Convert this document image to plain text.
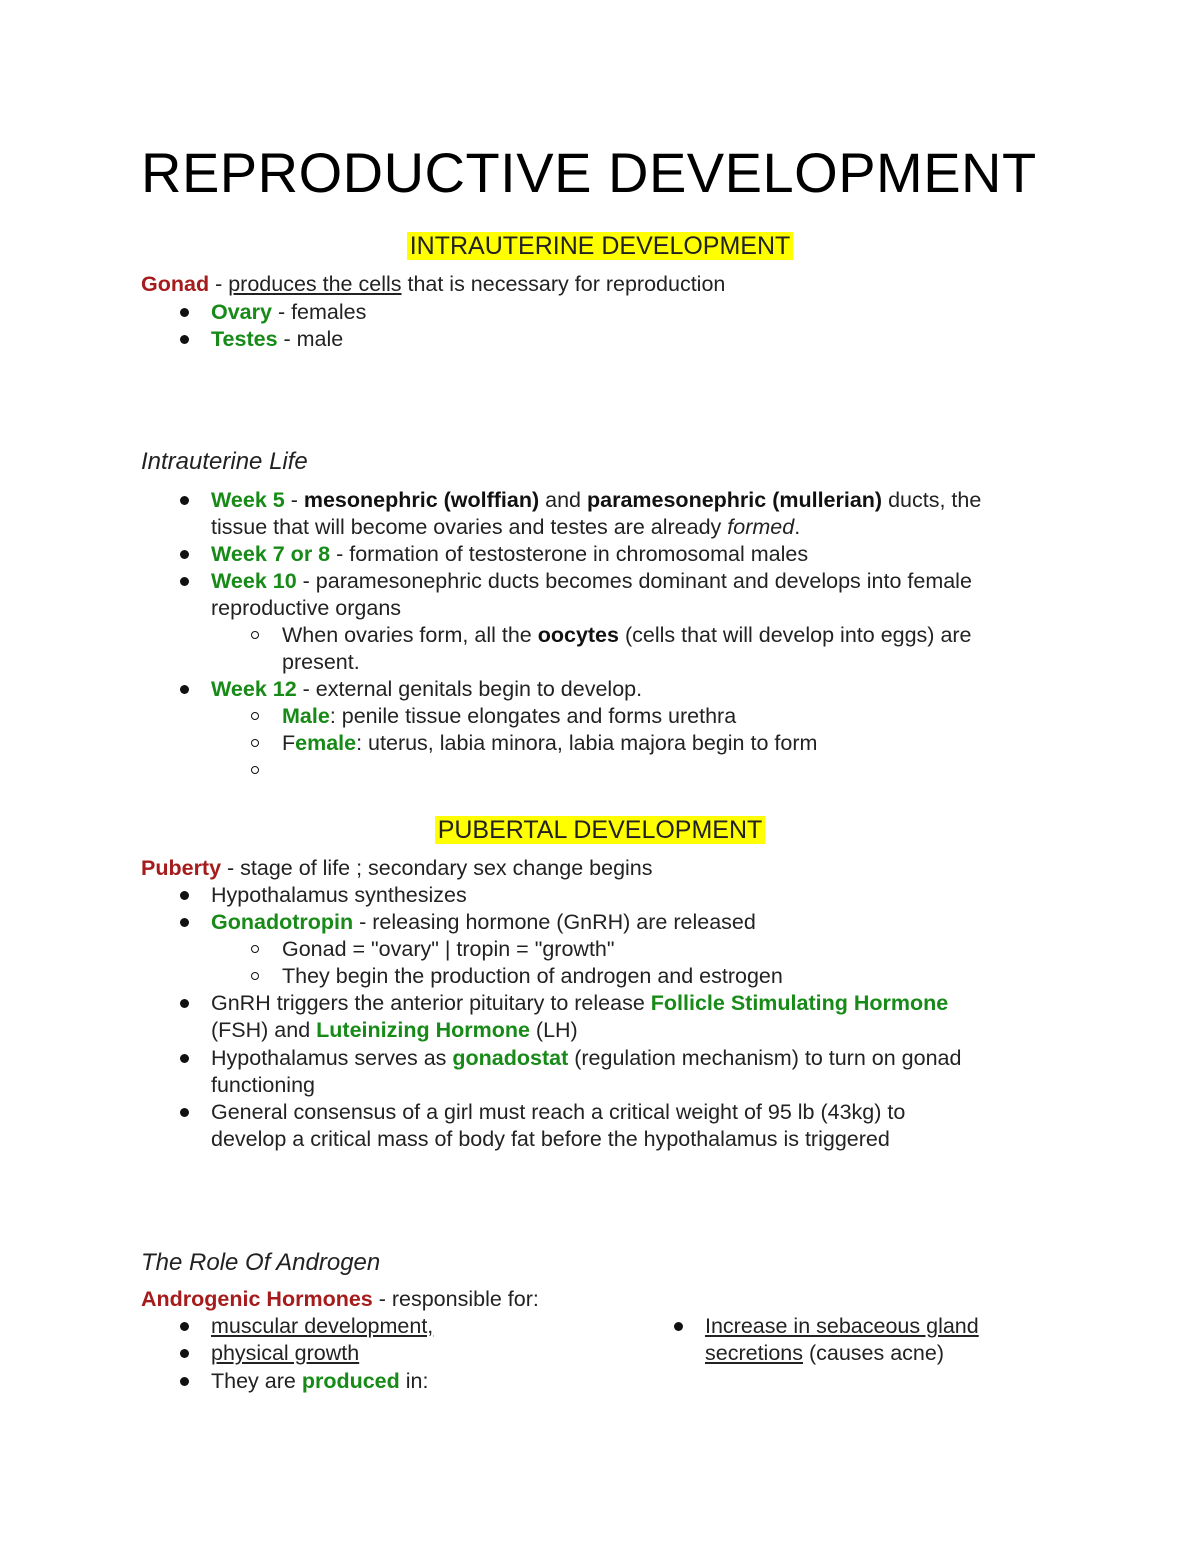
REPRODUCTIVE DEVELOPMENT
INTRAUTERINE DEVELOPMENT
Gonad - produces the cells that is necessary for reproduction
Ovary - females
Testes - male
Intrauterine Life
Week 5 - mesonephric (wolffian) and paramesonephric (mullerian) ducts, the
tissue that will become ovaries and testes are already formed.
Week 7 or 8 - formation of testosterone in chromosomal males
Week 10 - paramesonephric ducts becomes dominant and develops into female
reproductive organs
When ovaries form, all the oocytes (cells that will develop into eggs) are
present.
Week 12 - external genitals begin to develop.
Male: penile tissue elongates and forms urethra
Female: uterus, labia minora, labia majora begin to form
PUBERTAL DEVELOPMENT
Puberty - stage of life ; secondary sex change begins
Hypothalamus synthesizes
Gonadotropin - releasing hormone (GnRH) are released
Gonad = "ovary" | tropin = "growth"
They begin the production of androgen and estrogen
GnRH triggers the anterior pituitary to release Follicle Stimulating Hormone
(FSH) and Luteinizing Hormone (LH)
Hypothalamus serves as gonadostat (regulation mechanism) to turn on gonad
functioning
General consensus of a girl must reach a critical weight of 95 lb (43kg) to
develop a critical mass of body fat before the hypothalamus is triggered
The Role Of Androgen
Androgenic Hormones - responsible for:
muscular development,
physical growth
They are produced in:
Increase in sebaceous gland
secretions (causes acne)
